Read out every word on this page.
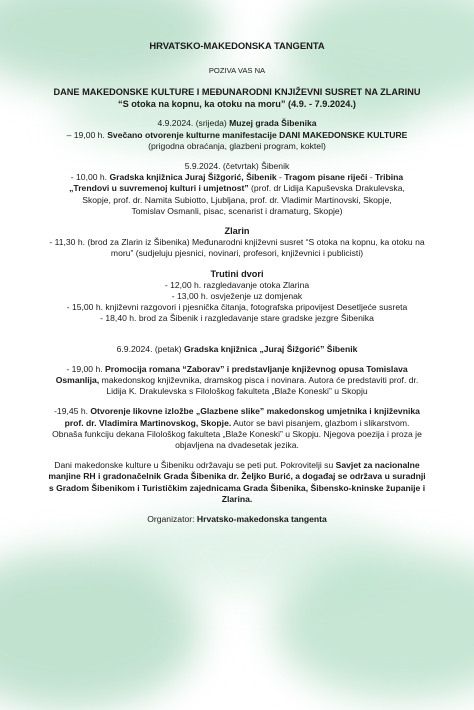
HRVATSKO-MAKEDONSKA TANGENTA
POZIVA VAS NA
DANE MAKEDONSKE KULTURE I MEĐUNARODNI KNJIŽEVNI SUSRET NA ZLARINU
“S otoka na kopnu, ka otoku na moru” (4.9. - 7.9.2024.)

4.9.2024. (srijeda) Muzej grada Šibenika

– 19,00 h. Svečano otvorenje kulturne manifestacije DANI MAKEDONSKE KULTURE

(prigodna obraćanja, glazbeni program, koktel)

5.9.2024. (četvrtak) Šibenik

- 10,00 h. Gradska knjižnica Juraj Šižgorić, Šibenik - Tragom pisane riječi - Tribina

„Trendovi u suvremenoj kulturi i umjetnost” (prof. dr Lidija Kapuševska Drakulevska,

Skopje, prof. dr. Namita Subiotto, Ljubljana, prof. dr. Vladimir Martinovski, Skopje,

Tomislav Osmanli, pisac, scenarist i dramaturg, Skopje)

Zlarin

- 11,30 h. (brod za Zlarin iz Šibenika) Međunarodni književni susret “S otoka na kopnu, ka otoku na

moru” (sudjeluju pjesnici, novinari, profesori, književnici i publicisti)

Trutini dvori

- 12,00 h. razgledavanje otoka Zlarina

- 13,00 h. osvježenje uz domjenak

- 15,00 h. književni razgovori i pjesnička čitanja, fotografska pripovijest Desetljeće susreta

- 18,40 h. brod za Šibenik i razgledavanje stare gradske jezgre Šibenika

6.9.2024. (petak) Gradska knjižnica „Juraj Šižgorić” Šibenik

- 19,00 h. Promocija romana “Zaborav” i predstavljanje književnog opusa Tomislava

Osmanlija, makedonskog književnika, dramskog pisca i novinara. Autora će predstaviti prof. dr.

Lidija K. Drakulevska s Filološkog fakulteta „Blaže Koneski” u Skopju

-19,45 h. Otvorenje likovne izložbe „Glazbene slike” makedonskog umjetnika i književnika

prof. dr. Vladimira Martinovskog, Skopje. Autor se bavi pisanjem, glazbom i slikarstvom.

Obnaša funkciju dekana Filološkog fakulteta „Blaže Koneski” u Skopju. Njegova poezija i proza je

objavljena na dvadesetak jezika.

Dani makedonske kulture u Šibeniku održavaju se peti put. Pokrovitelji su Savjet za nacionalne

manjine RH i gradonačelnik Grada Šibenika dr. Željko Burić, a događaj se održava u suradnji

s Gradom Šibenikom i Turističkim zajednicama Grada Šibenika, Šibensko-kninske županije i

Zlarina.

Organizator: Hrvatsko-makedonska tangenta
